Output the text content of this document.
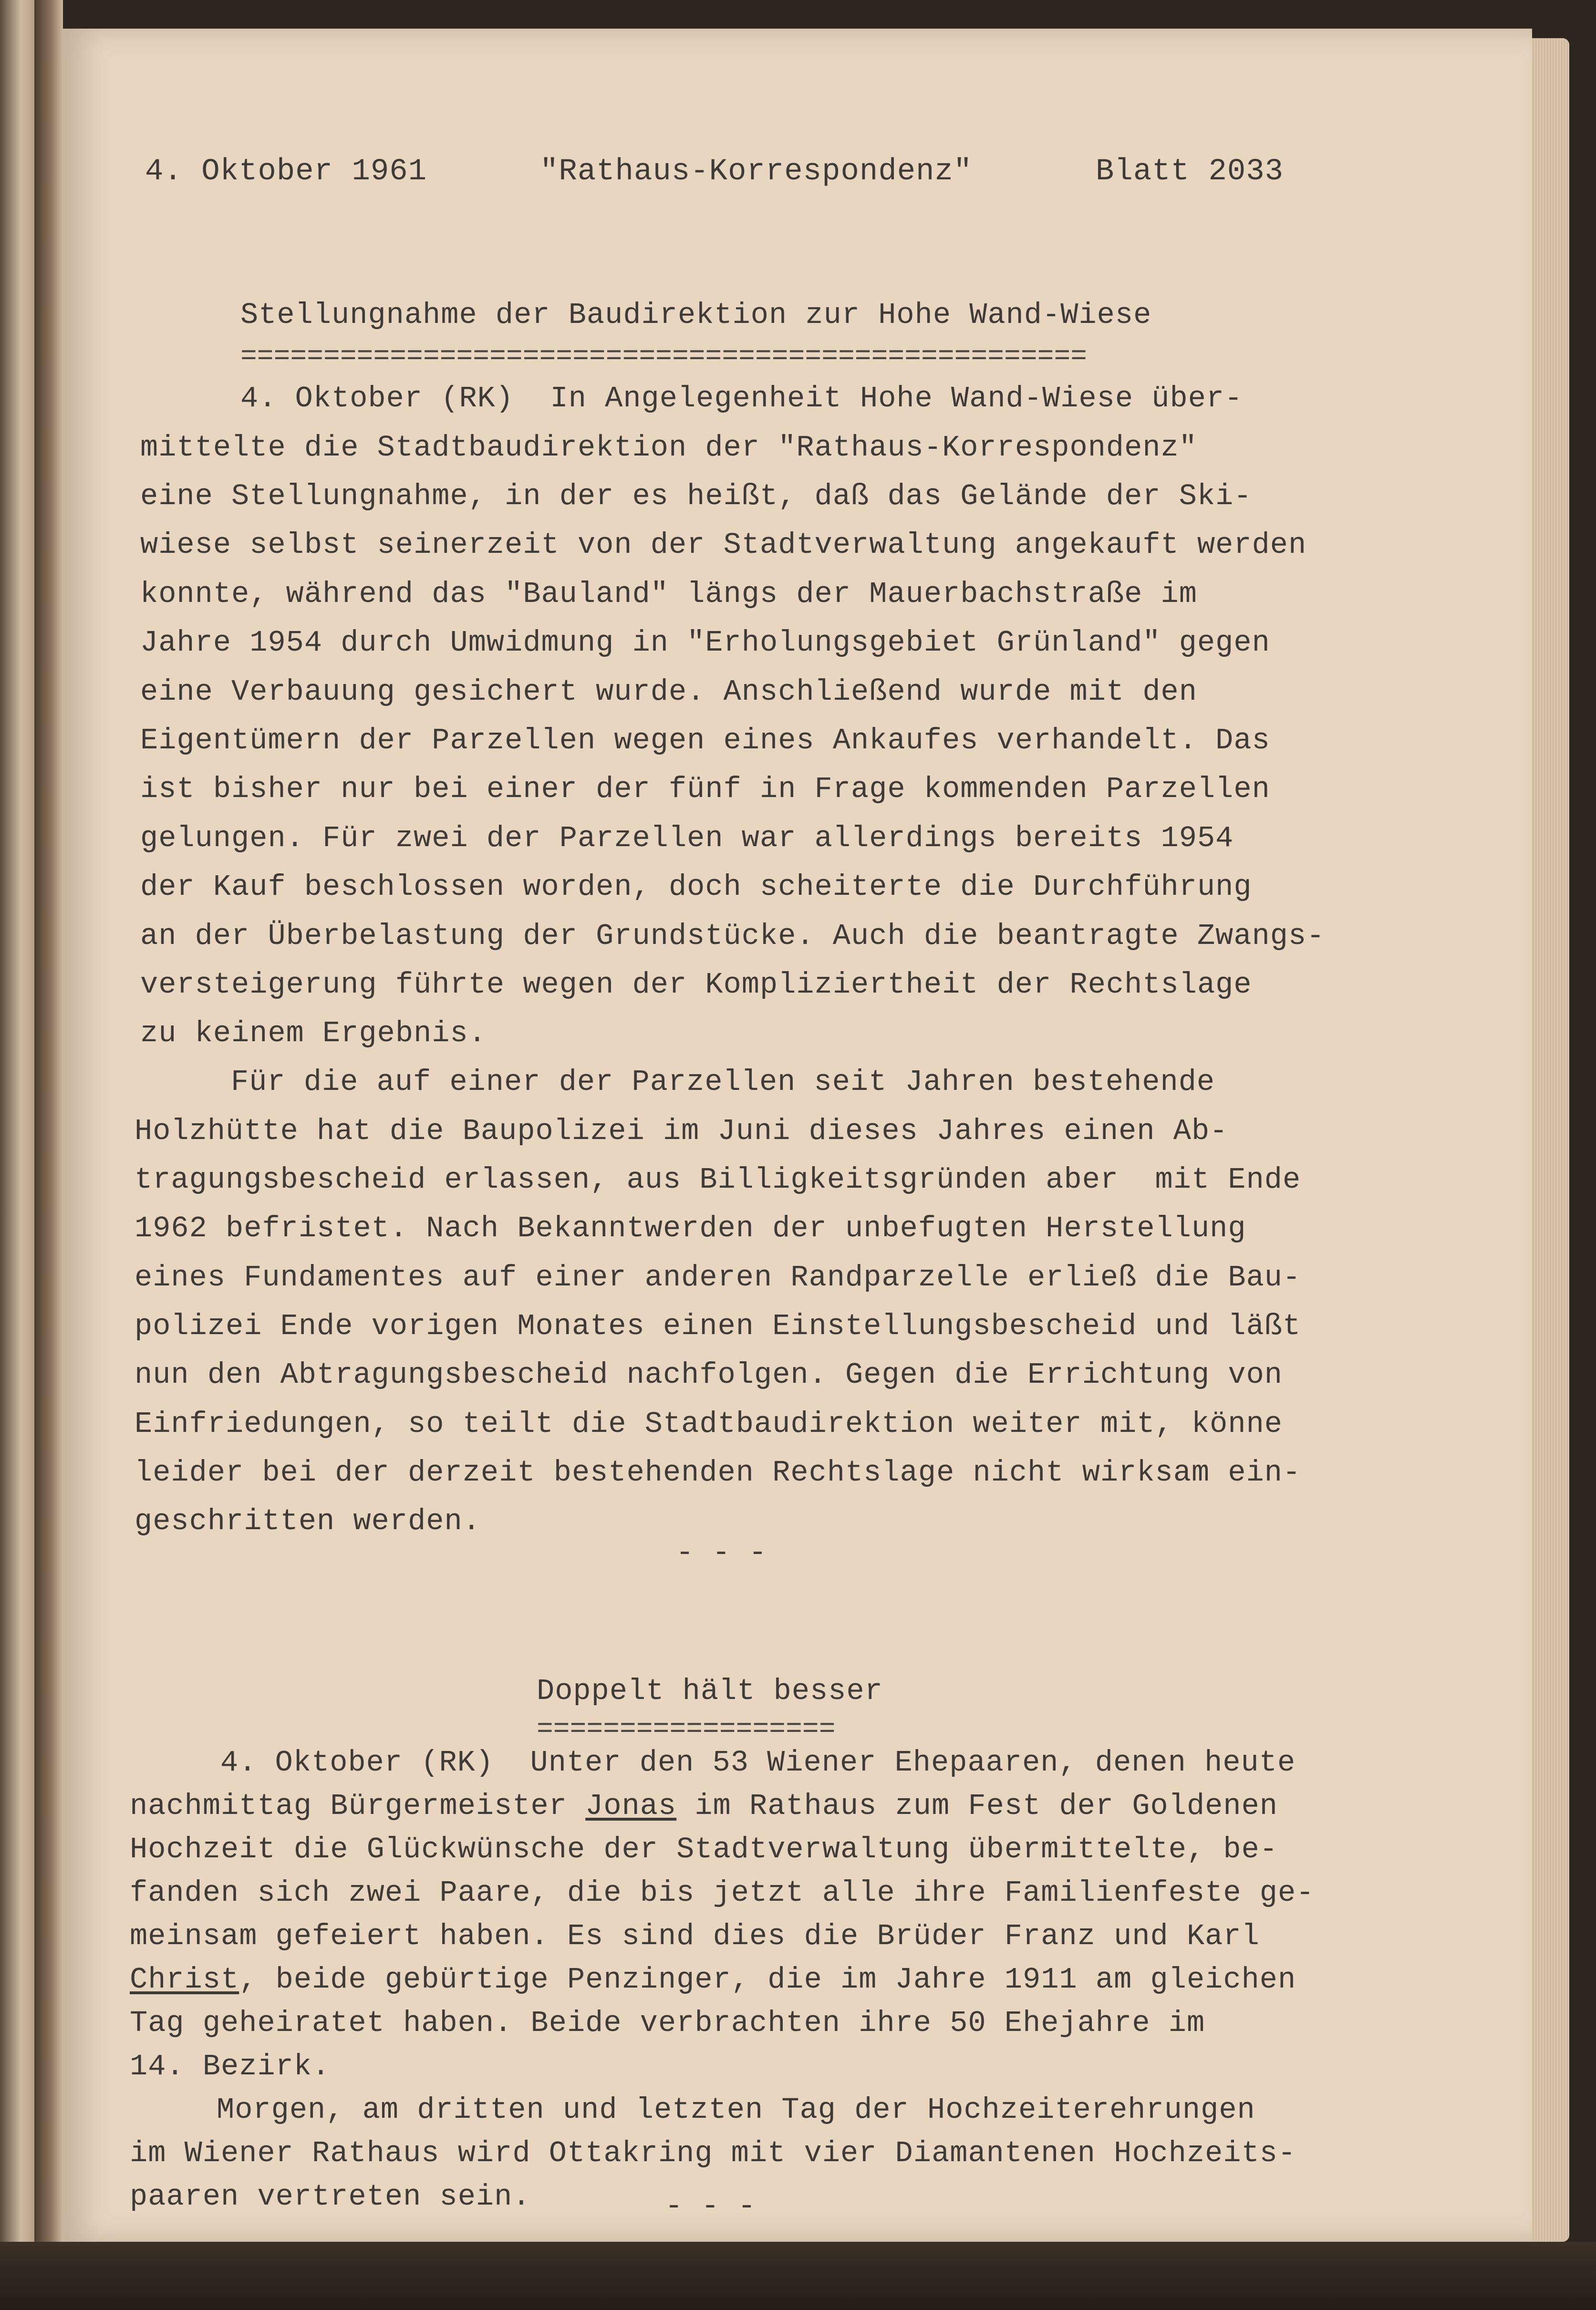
4. Oktober 1961	"Rathaus-Korrespondenz"	Blatt 2033
Stellungnahme der Baudirektion zur Hohe Wand-Wiese
===================================================
4. Oktober (RK)  In Angelegenheit Hohe Wand-Wiese über-
mittelte die Stadtbaudirektion der "Rathaus-Korrespondenz"
eine Stellungnahme, in der es heißt, daß das Gelände der Ski-
wiese selbst seinerzeit von der Stadtverwaltung angekauft werden
konnte, während das "Bauland" längs der Mauerbachstraße im
Jahre 1954 durch Umwidmung in "Erholungsgebiet Grünland" gegen
eine Verbauung gesichert wurde. Anschließend wurde mit den
Eigentümern der Parzellen wegen eines Ankaufes verhandelt. Das
ist bisher nur bei einer der fünf in Frage kommenden Parzellen
gelungen. Für zwei der Parzellen war allerdings bereits 1954
der Kauf beschlossen worden, doch scheiterte die Durchführung
an der Überbelastung der Grundstücke. Auch die beantragte Zwangs-
versteigerung führte wegen der Kompliziertheit der Rechtslage
zu keinem Ergebnis.
Für die auf einer der Parzellen seit Jahren bestehende
Holzhütte hat die Baupolizei im Juni dieses Jahres einen Ab-
tragungsbescheid erlassen, aus Billigkeitsgründen aber  mit Ende
1962 befristet. Nach Bekanntwerden der unbefugten Herstellung
eines Fundamentes auf einer anderen Randparzelle erließ die Bau-
polizei Ende vorigen Monates einen Einstellungsbescheid und läßt
nun den Abtragungsbescheid nachfolgen. Gegen die Errichtung von
Einfriedungen, so teilt die Stadtbaudirektion weiter mit, könne
leider bei der derzeit bestehenden Rechtslage nicht wirksam ein-
geschritten werden.
- - -
Doppelt hält besser
==================
4. Oktober (RK)  Unter den 53 Wiener Ehepaaren, denen heute
nachmittag Bürgermeister Jonas im Rathaus zum Fest der Goldenen
Hochzeit die Glückwünsche der Stadtverwaltung übermittelte, be-
fanden sich zwei Paare, die bis jetzt alle ihre Familienfeste ge-
meinsam gefeiert haben. Es sind dies die Brüder Franz und Karl
Christ, beide gebürtige Penzinger, die im Jahre 1911 am gleichen
Tag geheiratet haben. Beide verbrachten ihre 50 Ehejahre im
14. Bezirk.
Morgen, am dritten und letzten Tag der Hochzeiterehrungen
im Wiener Rathaus wird Ottakring mit vier Diamantenen Hochzeits-
paaren vertreten sein.	- - -
